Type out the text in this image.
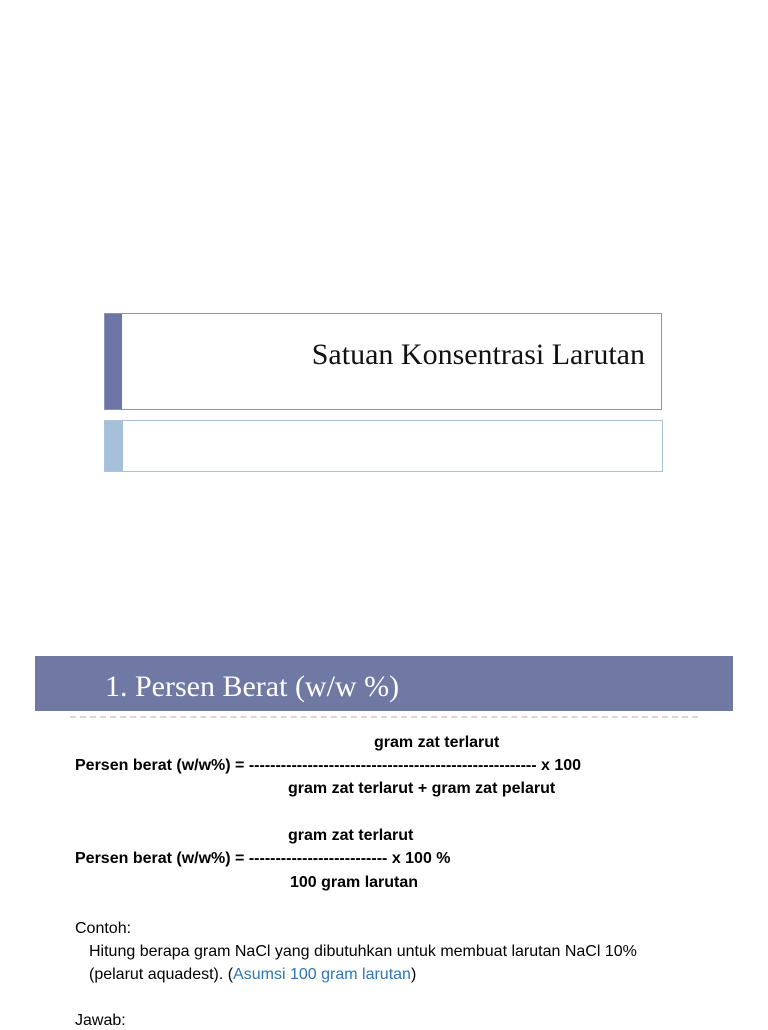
Satuan Konsentrasi Larutan
1. Persen Berat (w/w %)
gram zat terlarut
Persen berat (w/w%) = ------------------------------------------------------ x 100
gram zat terlarut + gram zat pelarut
gram zat terlarut
Persen berat (w/w%) = -------------------------- x 100 %
100 gram larutan
Contoh:
Hitung berapa gram NaCl yang dibutuhkan untuk membuat larutan NaCl 10%
(pelarut aquadest). (Asumsi 100 gram larutan)
Jawab:
